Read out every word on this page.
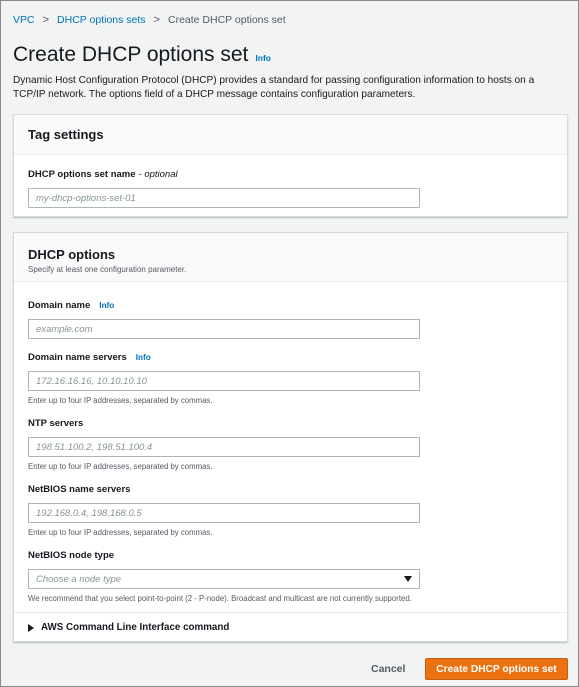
VPC > DHCP options sets > Create DHCP options set
Create DHCP options set Info

Dynamic Host Configuration Protocol (DHCP) provides a standard for passing configuration information to hosts on a TCP/IP network. The options field of a DHCP message contains configuration parameters.

Tag settings
DHCP options set name - optional
my-dhcp-options-set-01
DHCP options
Specify at least one configuration parameter.
Domain name Info
example.com
Domain name servers Info
172.16.16.16, 10.10.10.10
Enter up to four IP addresses, separated by commas.
NTP servers
198.51.100.2, 198.51.100.4
Enter up to four IP addresses, separated by commas.
NetBIOS name servers
192.168.0.4, 198.168.0.5
Enter up to four IP addresses, separated by commas.
NetBIOS node type
Choose a node type
We recommend that you select point-to-point (2 - P-node). Broadcast and multicast are not currently supported.
AWS Command Line Interface command
Cancel	Create DHCP options set
